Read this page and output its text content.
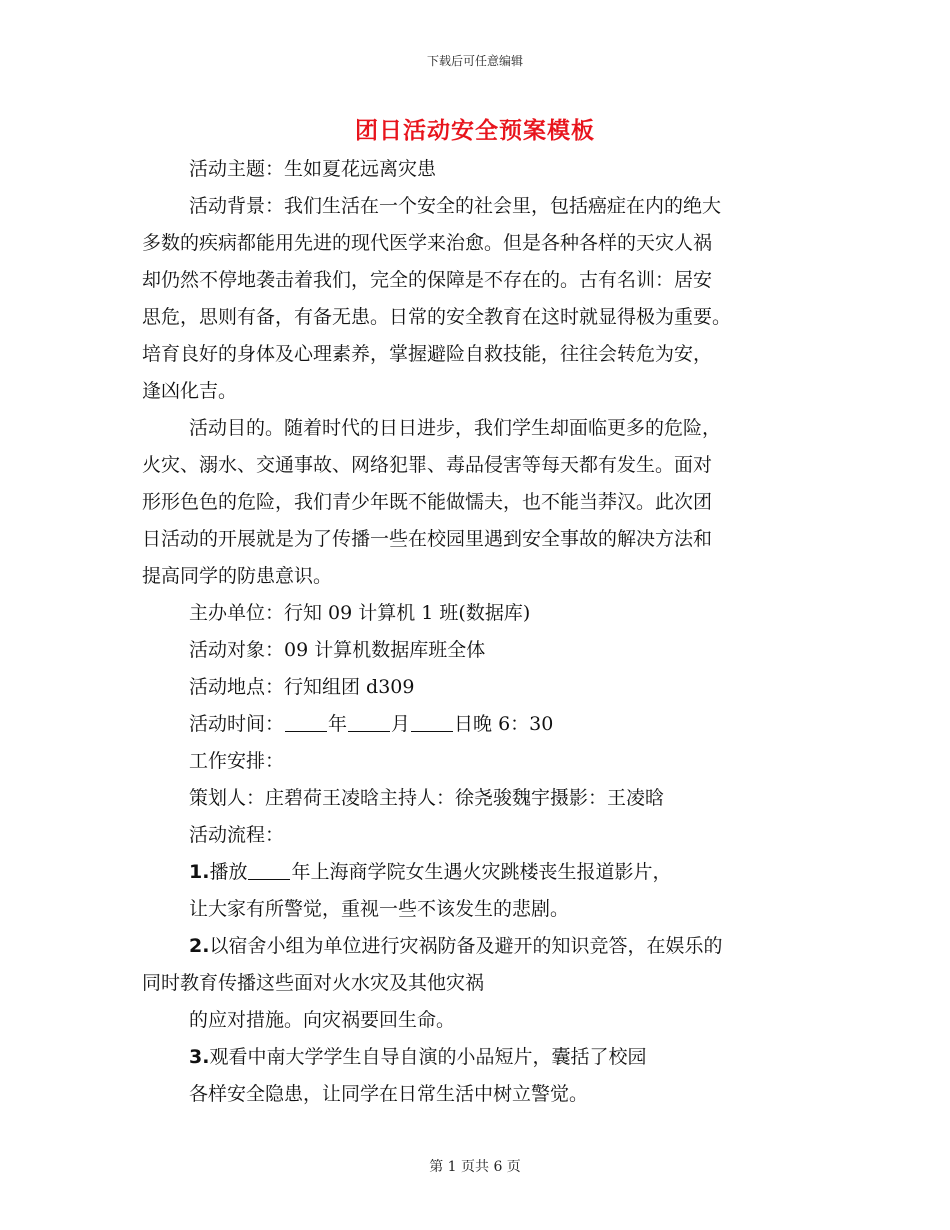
下载后可任意编辑
团日活动安全预案模板
活动主题：生如夏花远离灾患
活动背景：我们生活在一个安全的社会里，包括癌症在内的绝大
多数的疾病都能用先进的现代医学来治愈。但是各种各样的天灾人祸
却仍然不停地袭击着我们，完全的保障是不存在的。古有名训：居安
思危，思则有备，有备无患。日常的安全教育在这时就显得极为重要。
培育良好的身体及心理素养，掌握避险自救技能，往往会转危为安，
逢凶化吉。
活动目的。随着时代的日日进步，我们学生却面临更多的危险，
火灾、溺水、交通事故、网络犯罪、毒品侵害等每天都有发生。面对
形形色色的危险，我们青少年既不能做懦夫，也不能当莽汉。此次团
日活动的开展就是为了传播一些在校园里遇到安全事故的解决方法和
提高同学的防患意识。
主办单位：行知 09 计算机 1 班(数据库)
活动对象：09 计算机数据库班全体
活动地点：行知组团 d309
活动时间： 年 月 日晚 6：30
工作安排：
策划人：庄碧荷王凌晗主持人：徐尧骏魏宇摄影：王凌晗
活动流程：
1.播放 年上海商学院女生遇火灾跳楼丧生报道影片，
让大家有所警觉，重视一些不该发生的悲剧。
2.以宿舍小组为单位进行灾祸防备及避开的知识竞答，在娱乐的
同时教育传播这些面对火水灾及其他灾祸
的应对措施。向灾祸要回生命。
3.观看中南大学学生自导自演的小品短片，囊括了校园
各样安全隐患，让同学在日常生活中树立警觉。
第 1 页共 6 页
